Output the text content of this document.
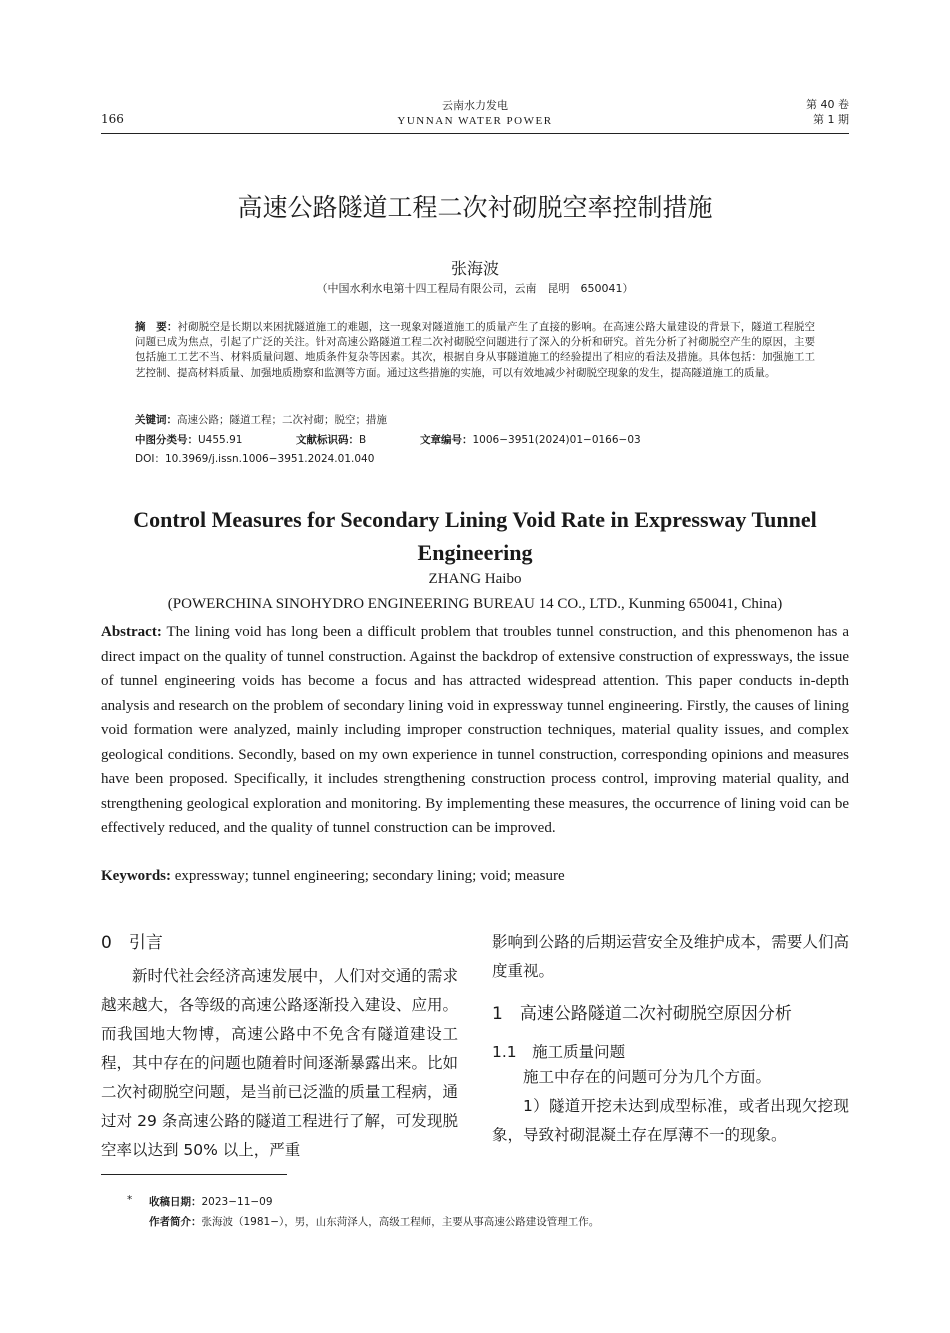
166
云南水力发电
YUNNAN WATER POWER
第 40 卷
第 1 期
高速公路隧道工程二次衬砌脱空率控制措施
张海波
（中国水利水电第十四工程局有限公司，云南　昆明　650041）
摘　要：衬砌脱空是长期以来困扰隧道施工的难题，这一现象对隧道施工的质量产生了直接的影响。在高速公路大量建设的背景下，隧道工程脱空问题已成为焦点，引起了广泛的关注。针对高速公路隧道工程二次衬砌脱空问题进行了深入的分析和研究。首先分析了衬砌脱空产生的原因，主要包括施工工艺不当、材料质量问题、地质条件复杂等因素。其次，根据自身从事隧道施工的经验提出了相应的看法及措施。具体包括：加强施工工艺控制、提高材料质量、加强地质勘察和监测等方面。通过这些措施的实施，可以有效地减少衬砌脱空现象的发生，提高隧道施工的质量。
关键词：高速公路；隧道工程；二次衬砌；脱空；措施
中图分类号：U455.91	文献标识码：B	文章编号：1006−3951(2024)01−0166−03
DOI：10.3969/j.issn.1006−3951.2024.01.040
Control Measures for Secondary Lining Void Rate in Expressway Tunnel Engineering
ZHANG Haibo
(POWERCHINA SINOHYDRO ENGINEERING BUREAU 14 CO., LTD., Kunming 650041, China)
Abstract: The lining void has long been a difficult problem that troubles tunnel construction, and this phenomenon has a direct impact on the quality of tunnel construction. Against the backdrop of extensive construction of expressways, the issue of tunnel engineering voids has become a focus and has attracted widespread attention. This paper conducts in-depth analysis and research on the problem of secondary lining void in expressway tunnel engineering. Firstly, the causes of lining void formation were analyzed, mainly including improper construction techniques, material quality issues, and complex geological conditions. Secondly, based on my own experience in tunnel construction, corresponding opinions and measures have been proposed. Specifically, it includes strengthening construction process control, improving material quality, and strengthening geological exploration and monitoring. By implementing these measures, the occurrence of lining void can be effectively reduced, and the quality of tunnel construction can be improved.
Keywords: expressway; tunnel engineering; secondary lining; void; measure

0　引言

新时代社会经济高速发展中，人们对交通的需求越来越大，各等级的高速公路逐渐投入建设、应用。而我国地大物博，高速公路中不免含有隧道建设工程，其中存在的问题也随着时间逐渐暴露出来。比如二次衬砌脱空问题，是当前已泛滥的质量工程病，通过对 29 条高速公路的隧道工程进行了解，可发现脱空率以达到 50% 以上，严重

影响到公路的后期运营安全及维护成本，需要人们高度重视。

1　高速公路隧道二次衬砌脱空原因分析

1.1　施工质量问题

施工中存在的问题可分为几个方面。

1）隧道开挖未达到成型标准，或者出现欠挖现象，导致衬砌混凝土存在厚薄不一的现象。

* 收稿日期：2023−11−09
作者简介：张海波（1981−），男，山东菏泽人，高级工程师，主要从事高速公路建设管理工作。
